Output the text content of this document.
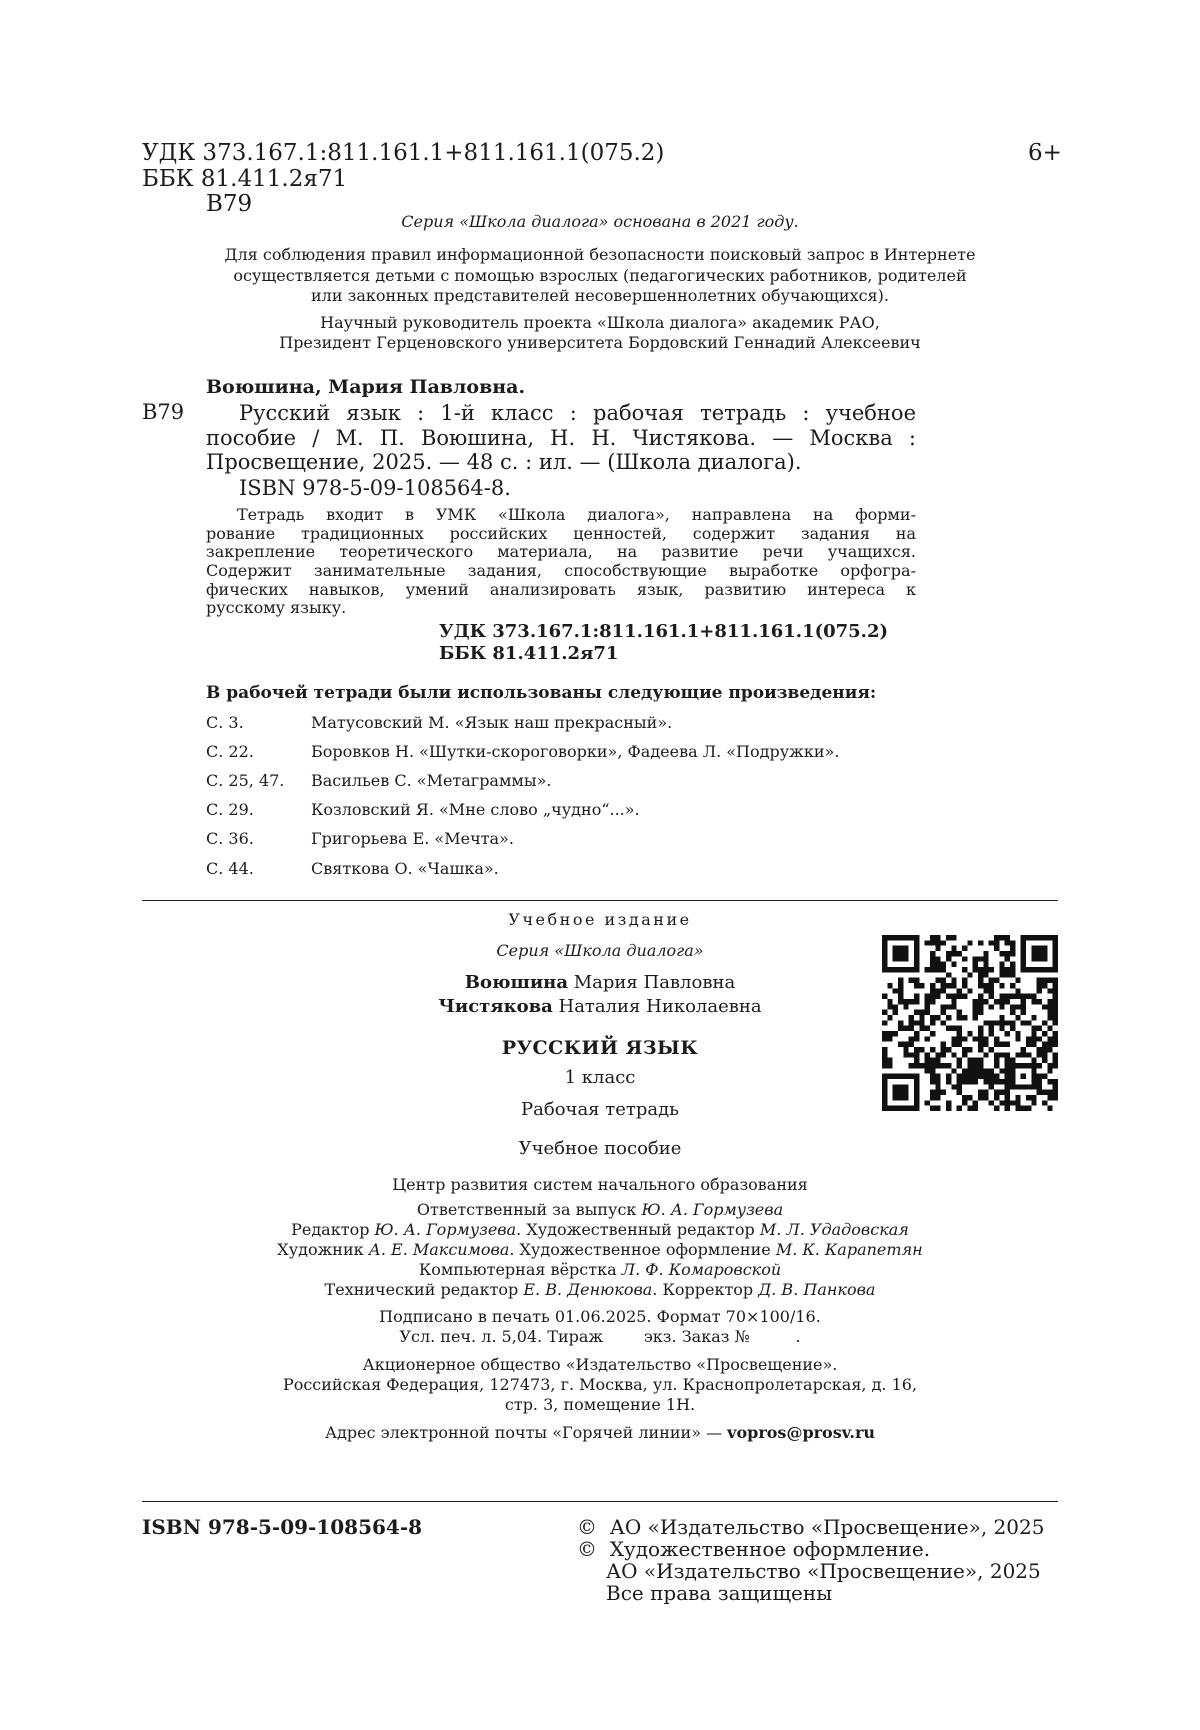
УДК 373.167.1:811.161.1+811.161.1(075.2)	6+
ББК 81.411.2я71
В79
Серия «Школа диалога» основана в 2021 году.
Для соблюдения правил информационной безопасности поисковый запрос в Интернете
осуществляется детьми с помощью взрослых (педагогических работников, родителей
или законных представителей несовершеннолетних обучающихся).
Научный руководитель проекта «Школа диалога» академик РАО,
Президент Герценовского университета Бордовский Геннадий Алексеевич
Воюшина, Мария Павловна.
В79	Русский язык : 1-й класс : рабочая тетрадь : учебное
пособие / М. П. Воюшина, Н. Н. Чистякова. — Москва :
Просвещение, 2025. — 48 с. : ил. — (Школа диалога).
ISBN 978-5-09-108564-8.
Тетрадь входит в УМК «Школа диалога», направлена на форми-
рование традиционных российских ценностей, содержит задания на
закрепление теоретического материала, на развитие речи учащихся.
Содержит занимательные задания, способствующие выработке орфогра-
фических навыков, умений анализировать язык, развитию интереса к
русскому языку.
УДК 373.167.1:811.161.1+811.161.1(075.2)
ББК 81.411.2я71
В рабочей тетради были использованы следующие произведения:
С. 3.	Матусовский М. «Язык наш прекрасный».
С. 22.	Боровков Н. «Шутки-скороговорки», Фадеева Л. «Подружки».
С. 25, 47. Васильев С. «Метаграммы».
С. 29.	Козловский Я. «Мне слово „чудно“...».
С. 36.	Григорьева Е. «Мечта».
С. 44.	Святкова О. «Чашка».
Учебное издание
Серия «Школа диалога»
Воюшина Мария Павловна
Чистякова Наталия Николаевна
РУССКИЙ ЯЗЫК
1 класс
Рабочая тетрадь
Учебное пособие
Центр развития систем начального образования
Ответственный за выпуск Ю. А. Гормузева
Редактор Ю. А. Гормузева. Художественный редактор М. Л. Удадовская
Художник А. Е. Максимова. Художественное оформление М. К. Карапетян
Компьютерная вёрстка Л. Ф. Комаровской
Технический редактор Е. В. Денюкова. Корректор Д. В. Панкова
Подписано в печать 01.06.2025. Формат 70×100/16.
Усл. печ. л. 5,04. Тираж        экз. Заказ №         .
Акционерное общество «Издательство «Просвещение».
Российская Федерация, 127473, г. Москва, ул. Краснопролетарская, д. 16,
стр. 3, помещение 1Н.
Адрес электронной почты «Горячей линии» — vopros@prosv.ru
ISBN 978-5-09-108564-8	©  АО «Издательство «Просвещение», 2025
©  Художественное оформление.
АО «Издательство «Просвещение», 2025
Все права защищены
